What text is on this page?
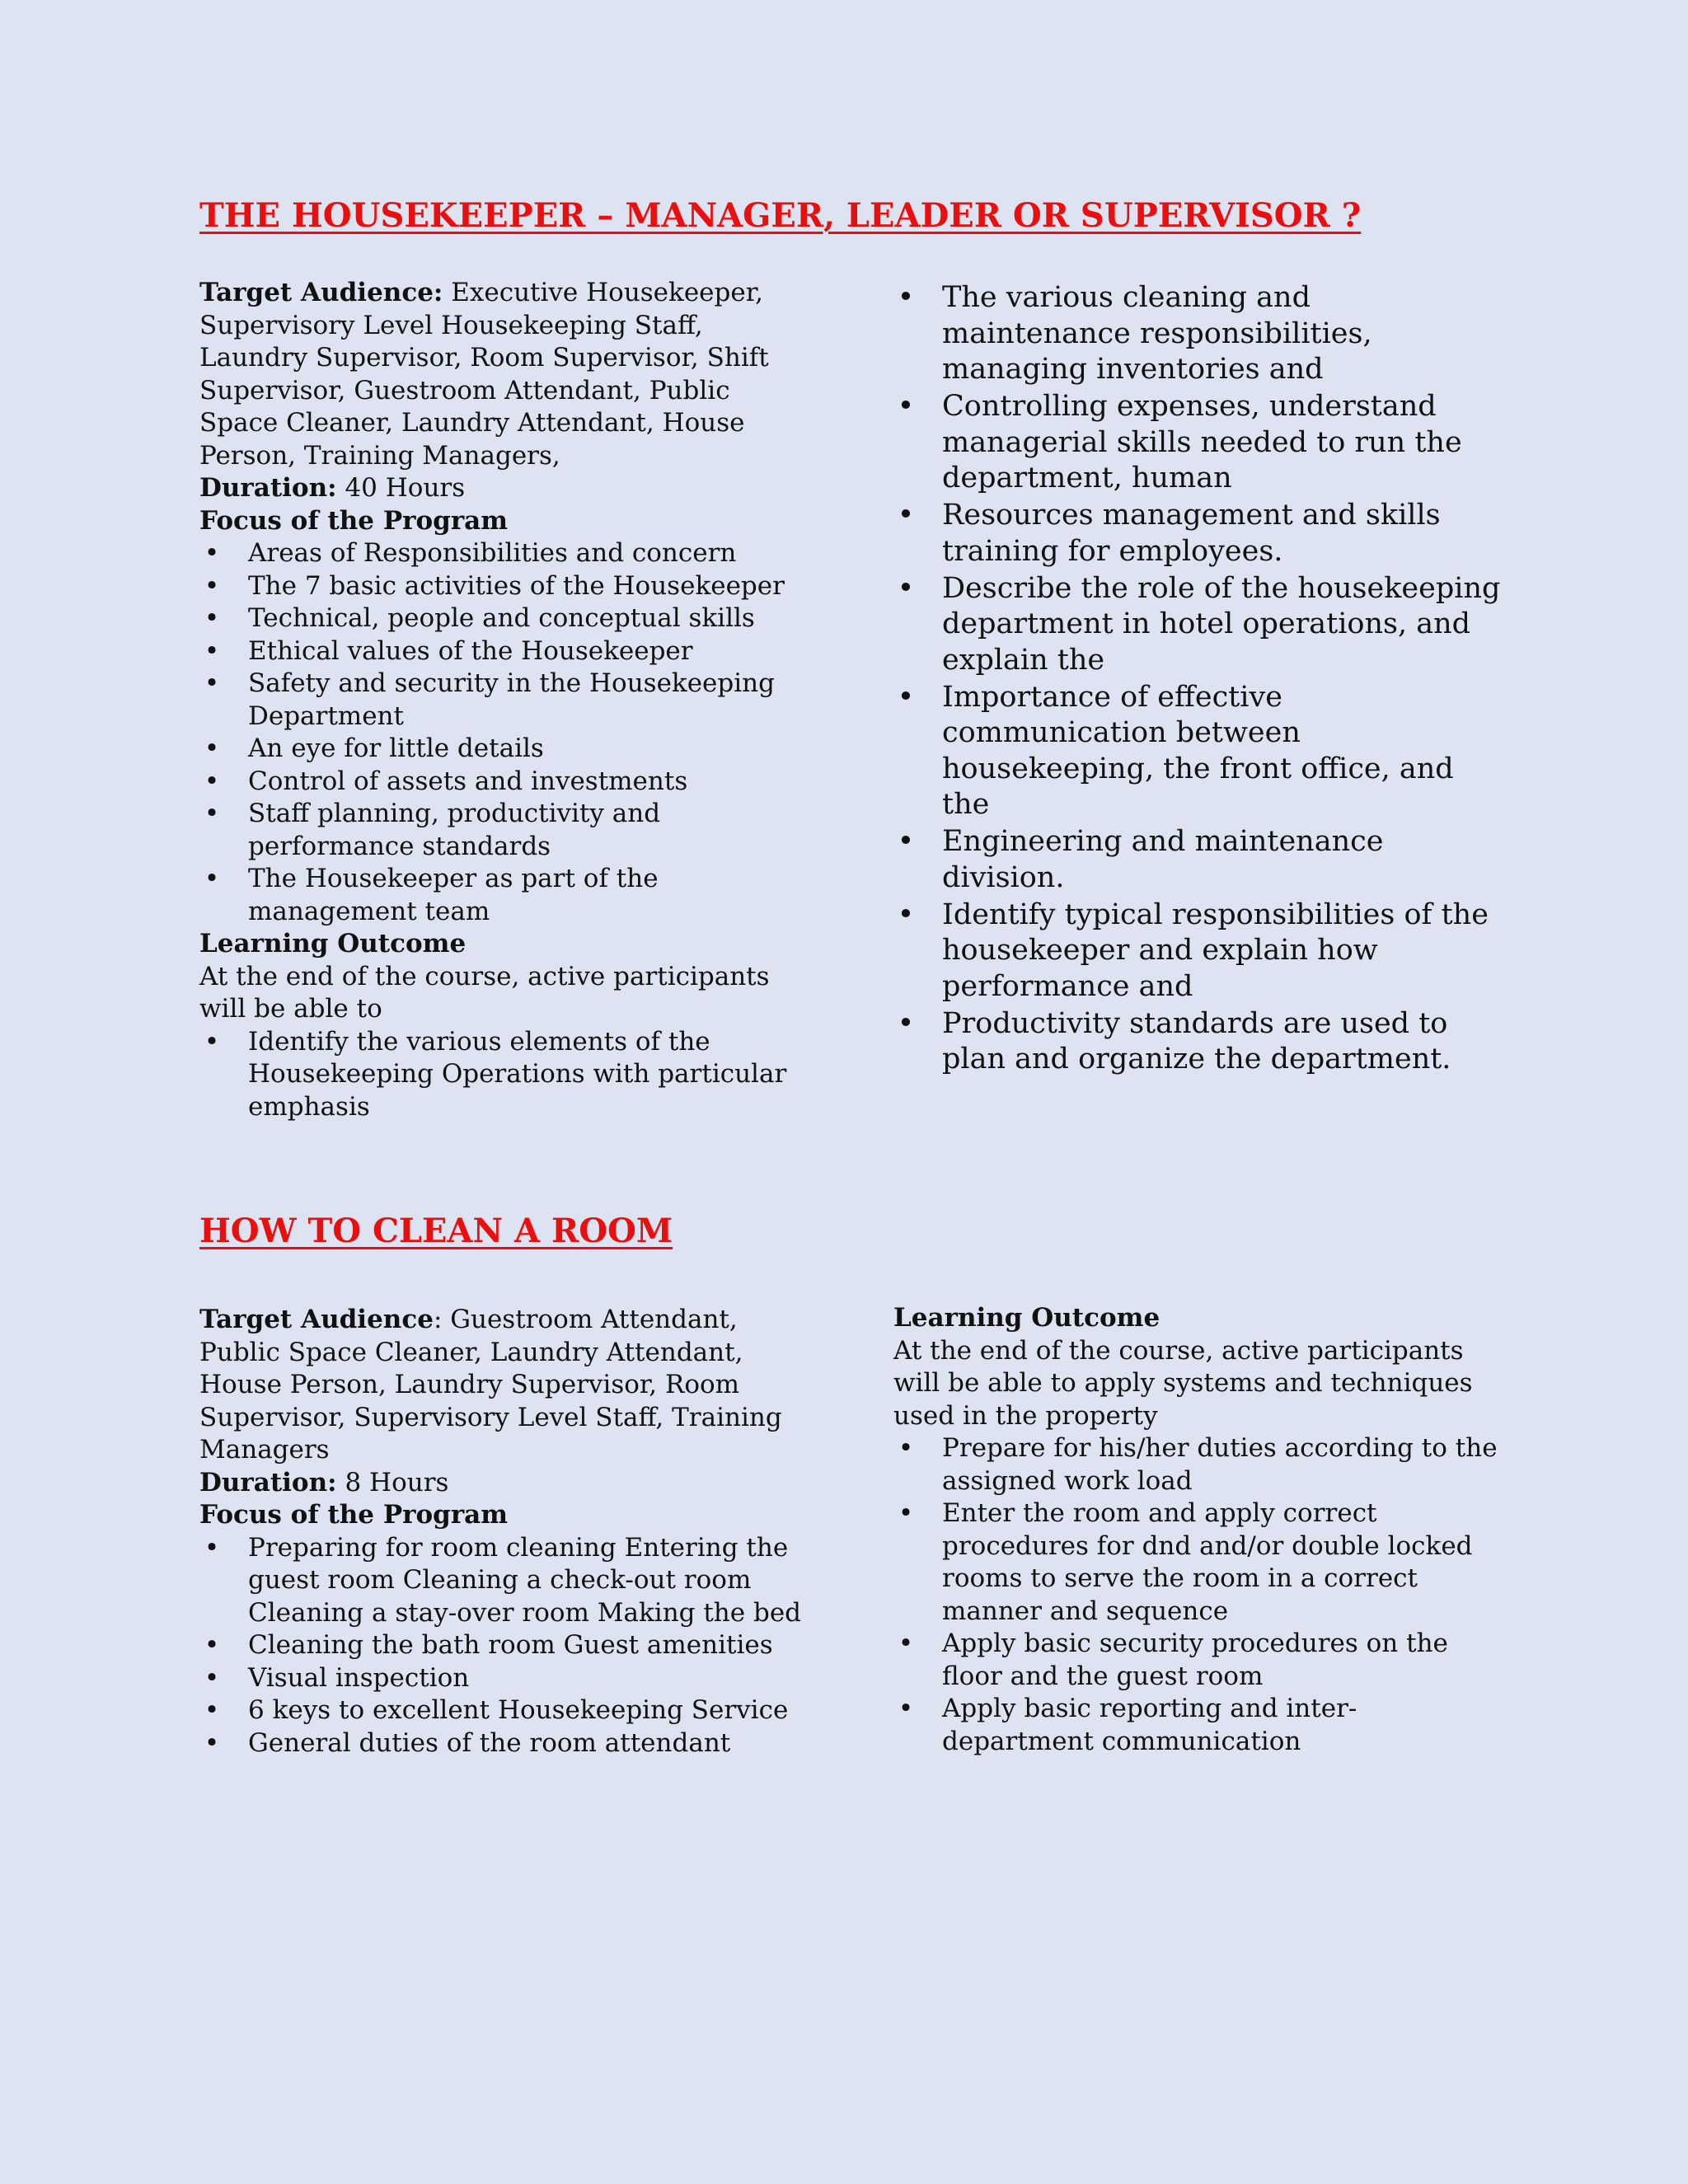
THE HOUSEKEEPER – MANAGER, LEADER OR SUPERVISOR ?

Target Audience: Executive Housekeeper, Supervisory Level Housekeeping Staff, Laundry Supervisor, Room Supervisor, Shift Supervisor, Guestroom Attendant, Public Space Cleaner, Laundry Attendant, House Person, Training Managers,

Duration: 40 Hours

Focus of the Program

• Areas of Responsibilities and concern
• The 7 basic activities of the Housekeeper
• Technical, people and conceptual skills
• Ethical values of the Housekeeper
• Safety and security in the Housekeeping Department
• An eye for little details
• Control of assets and investments
• Staff planning, productivity and performance standards
• The Housekeeper as part of the management team

Learning Outcome

At the end of the course, active participants will be able to

• Identify the various elements of the Housekeeping Operations with particular emphasis
• The various cleaning and maintenance responsibilities, managing inventories and
• Controlling expenses, understand managerial skills needed to run the department, human
• Resources management and skills training for employees.
• Describe the role of the housekeeping department in hotel operations, and explain the
• Importance of effective communication between housekeeping, the front office, and the
• Engineering and maintenance division.
• Identify typical responsibilities of the housekeeper and explain how performance and
• Productivity standards are used to plan and organize the department.
HOW TO CLEAN A ROOM

Target Audience: Guestroom Attendant, Public Space Cleaner, Laundry Attendant, House Person, Laundry Supervisor, Room Supervisor, Supervisory Level Staff, Training Managers

Duration: 8 Hours

Focus of the Program

• Preparing for room cleaning Entering the guest room Cleaning a check-out room Cleaning a stay-over room Making the bed
• Cleaning the bath room Guest amenities
• Visual inspection
• 6 keys to excellent Housekeeping Service
• General duties of the room attendant

Learning Outcome

At the end of the course, active participants will be able to apply systems and techniques used in the property

• Prepare for his/her duties according to the assigned work load
• Enter the room and apply correct procedures for dnd and/or double locked rooms to serve the room in a correct manner and sequence
• Apply basic security procedures on the floor and the guest room
• Apply basic reporting and inter-department communication
